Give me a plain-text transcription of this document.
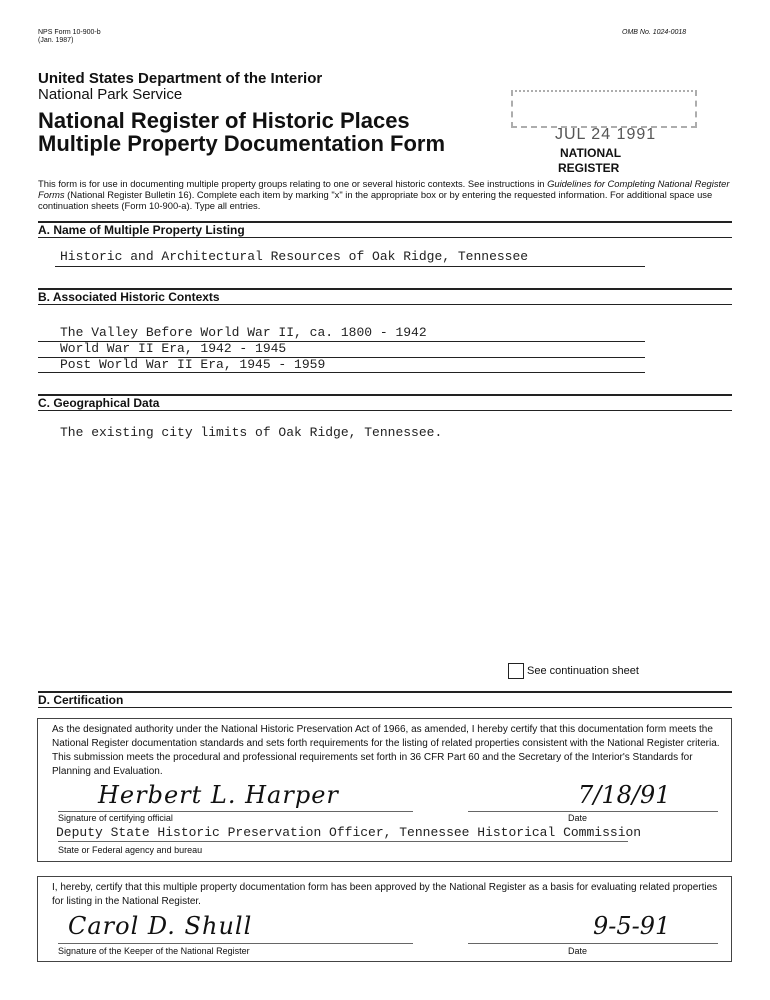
NPS Form 10-900-b
(Jan. 1987)
OMB No. 1024-0018
United States Department of the Interior
National Park Service
National Register of Historic Places
Multiple Property Documentation Form	JUL 24 1991
NATIONAL
REGISTER
This form is for use in documenting multiple property groups relating to one or several historic contexts. See instructions in Guidelines for Completing National Register Forms (National Register Bulletin 16). Complete each item by marking "x" in the appropriate box or by entering the requested information. For additional space use continuation sheets (Form 10-900-a). Type all entries.
A. Name of Multiple Property Listing
Historic and Architectural Resources of Oak Ridge, Tennessee
B. Associated Historic Contexts
The Valley Before World War II, ca. 1800 - 1942
World War II Era, 1942 - 1945
Post World War II Era, 1945 - 1959
C. Geographical Data
The existing city limits of Oak Ridge, Tennessee.
See continuation sheet
D. Certification
As the designated authority under the National Historic Preservation Act of 1966, as amended, I hereby certify that this documentation form meets the National Register documentation standards and sets forth requirements for the listing of related properties consistent with the National Register criteria. This submission meets the procedural and professional requirements set forth in 36 CFR Part 60 and the Secretary of the Interior's Standards for Planning and Evaluation.
Herbert L. Harper	7/18/91
Signature of certifying official	Date
Deputy State Historic Preservation Officer, Tennessee Historical Commission
State or Federal agency and bureau
I, hereby, certify that this multiple property documentation form has been approved by the National Register as a basis for evaluating related properties for listing in the National Register.
Carol D. Shull	9-5-91
Signature of the Keeper of the National Register	Date
